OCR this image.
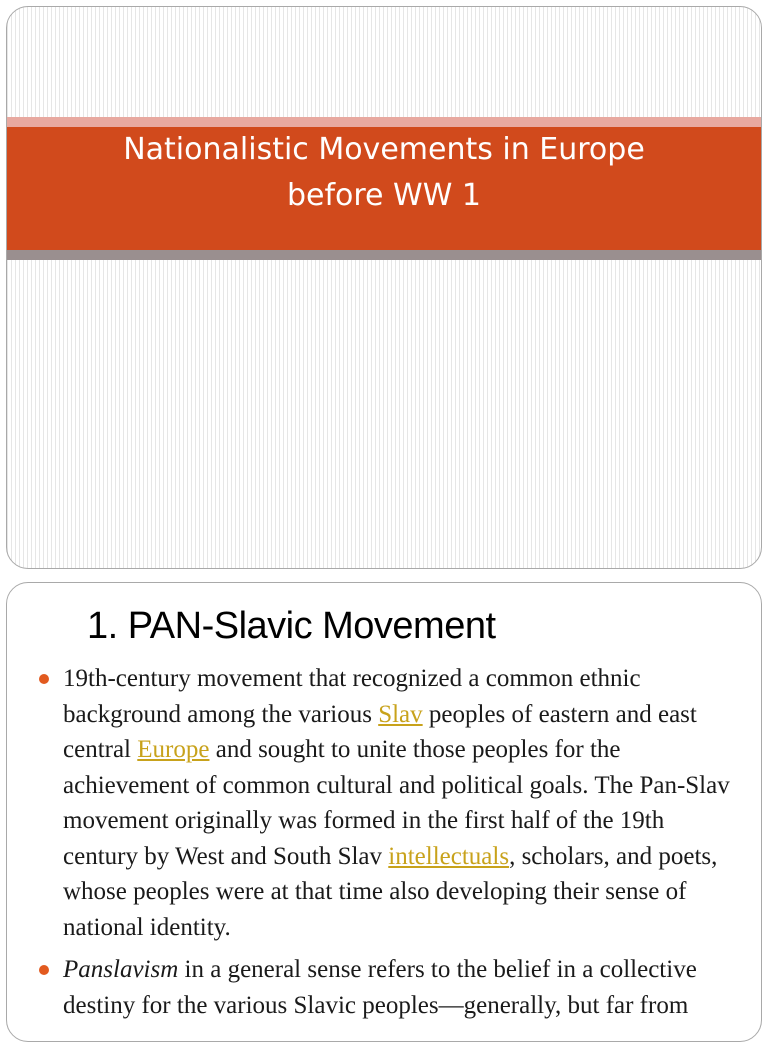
Nationalistic Movements in Europe
before WW 1
1. PAN-Slavic Movement
19th-century movement that recognized a common ethnic background among the various Slav peoples of eastern and east central Europe and sought to unite those peoples for the achievement of common cultural and political goals. The Pan-Slav movement originally was formed in the first half of the 19th century by West and South Slav intellectuals, scholars, and poets, whose peoples were at that time also developing their sense of national identity.
Panslavism in a general sense refers to the belief in a collective destiny for the various Slavic peoples—generally, but far from
